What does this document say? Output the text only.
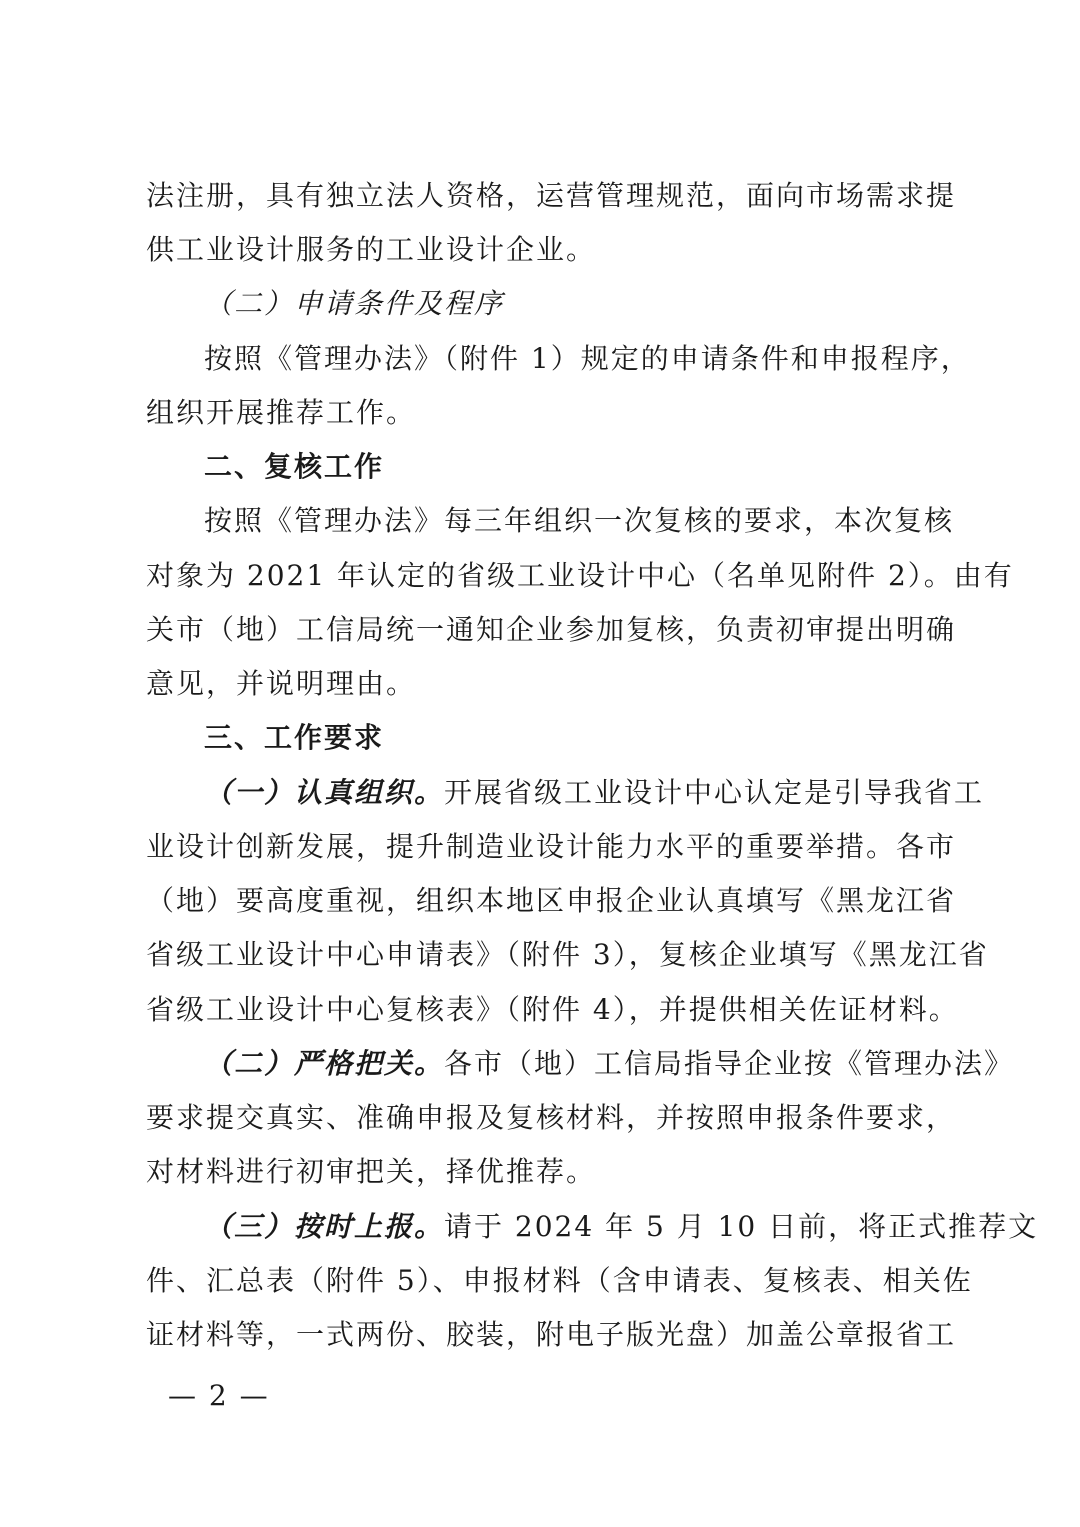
法注册，具有独立法人资格，运营管理规范，面向市场需求提
供工业设计服务的工业设计企业。
（二）申请条件及程序
按照《管理办法》（附件 1）规定的申请条件和申报程序，
组织开展推荐工作。
二、复核工作
按照《管理办法》每三年组织一次复核的要求，本次复核
对象为 2021 年认定的省级工业设计中心（名单见附件 2）。由有
关市（地）工信局统一通知企业参加复核，负责初审提出明确
意见，并说明理由。
三、工作要求
（一）认真组织。开展省级工业设计中心认定是引导我省工
业设计创新发展，提升制造业设计能力水平的重要举措。各市
（地）要高度重视，组织本地区申报企业认真填写《黑龙江省
省级工业设计中心申请表》（附件 3），复核企业填写《黑龙江省
省级工业设计中心复核表》（附件 4），并提供相关佐证材料。
（二）严格把关。各市（地）工信局指导企业按《管理办法》
要求提交真实、准确申报及复核材料，并按照申报条件要求，
对材料进行初审把关，择优推荐。
（三）按时上报。请于 2024 年 5 月 10 日前，将正式推荐文
件、汇总表（附件 5）、申报材料（含申请表、复核表、相关佐
证材料等，一式两份、胶装，附电子版光盘）加盖公章报省工
— 2 —
